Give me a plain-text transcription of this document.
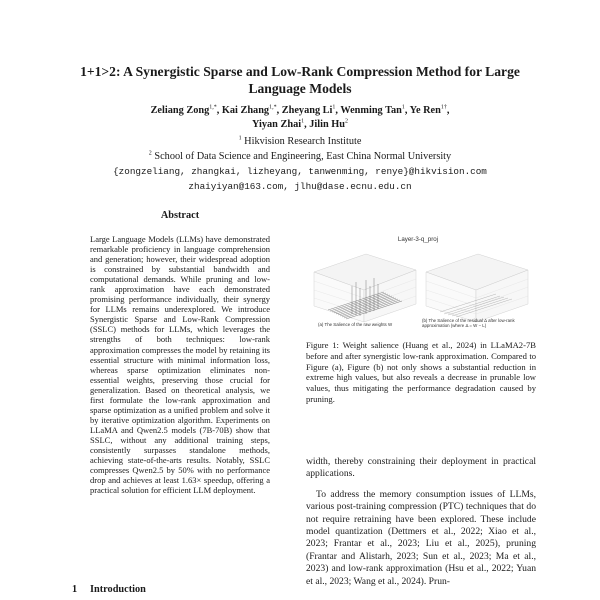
1+1>2: A Synergistic Sparse and Low-Rank Compression Method for Large Language Models
Zeliang Zong$^{1,*}$, Kai Zhang$^{1,*}$, Zheyang Li$^1$, Wenming Tan$^1$, Ye Ren$^{1\dagger}$,
Yiyan Zhai$^1$, Jilin Hu$^2$
$^1$ Hikvision Research Institute
$^2$ School of Data Science and Engineering, East China Normal University
{zongzeliang, zhangkai, lizheyang, tanwenming, renye}@hikvision.com
zhaiyiyan@163.com, jlhu@dase.ecnu.edu.cn
Abstract

Large Language Models (LLMs) have demonstrated remarkable proficiency in language comprehension and generation; however, their widespread adoption is constrained by substantial bandwidth and computational demands. While pruning and low-rank approximation have each demonstrated promising performance individually, their synergy for LLMs remains underexplored. We introduce Synergistic Sparse and Low-Rank Compression (SSLC) methods for LLMs, which leverages the strengths of both techniques: low-rank approximation compresses the model by retaining its essential structure with minimal information loss, whereas sparse optimization eliminates non-essential weights, preserving those crucial for generalization. Based on theoretical analysis, we first formulate the low-rank approximation and sparse optimization as a unified problem and solve it by iterative optimization algorithm. Experiments on LLaMA and Qwen2.5 models (7B-70B) show that SSLC, without any additional training steps, consistently surpasses standalone methods, achieving state-of-the-arts results. Notably, SSLC compresses Qwen2.5 by 50% with no performance drop and achieves at least 1.63× speedup, offering a practical solution for efficient LLM deployment.

1 Introduction
Layer-3-q_proj
(a) The Salience of the raw weights W
(b) The Salience of the residual Δ after low-rank approximation (where Δ = W − L)
Figure 1: Weight salience (Huang et al., 2024) in LLaMA2-7B before and after synergistic low-rank approximation. Compared to Figure (a), Figure (b) not only shows a substantial reduction in extreme high values, but also reveals a decrease in prunable low values, thus mitigating the performance degradation caused by pruning.

width, thereby constraining their deployment in practical applications.

To address the memory consumption issues of LLMs, various post-training compression (PTC) techniques that do not require retraining have been explored. These include model quantization (Dettmers et al., 2022; Xiao et al., 2023; Frantar et al., 2023; Liu et al., 2025), pruning (Frantar and Alistarh, 2023; Sun et al., 2023; Ma et al., 2023) and low-rank approximation (Hsu et al., 2022; Yuan et al., 2023; Wang et al., 2024). Prun-
